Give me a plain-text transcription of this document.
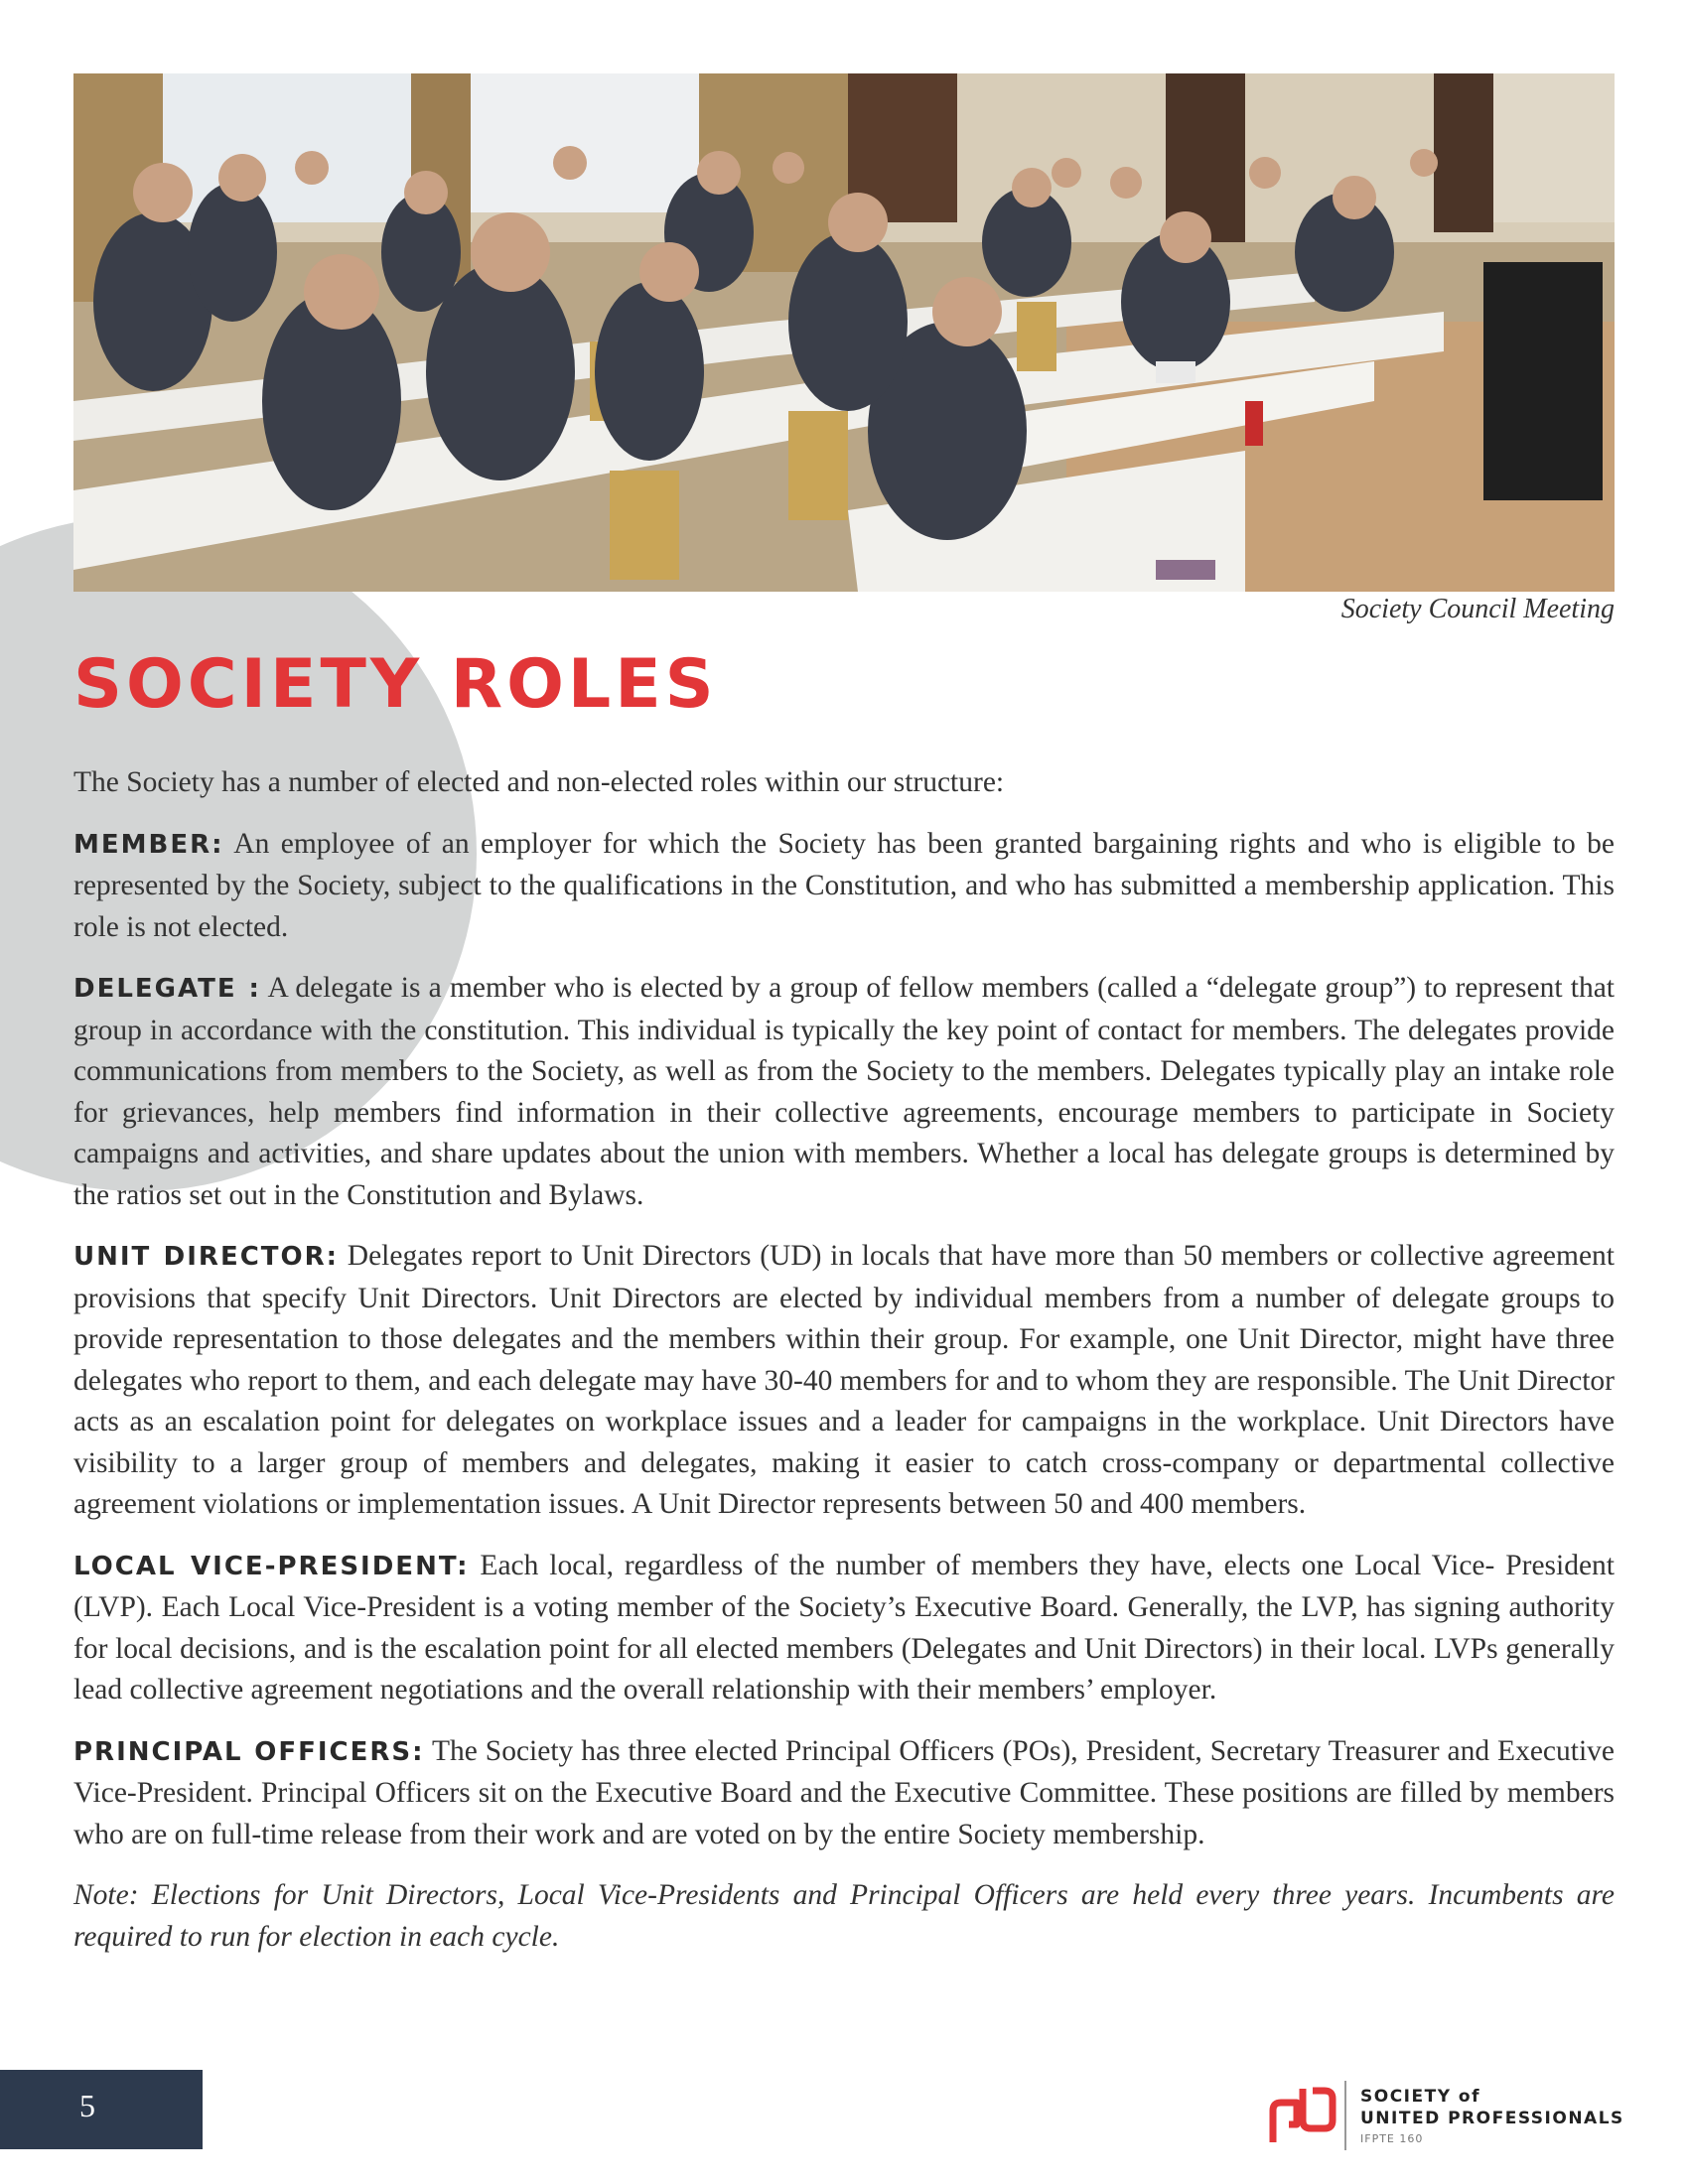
Society Council Meeting
SOCIETY ROLES

The Society has a number of elected and non-elected roles within our structure:

MEMBER: An employee of an employer for which the Society has been granted bargaining rights and who is eligible to be represented by the Society, subject to the qualifications in the Constitution, and who has submitted a membership application. This role is not elected.

DELEGATE : A delegate is a member who is elected by a group of fellow members (called a “delegate group”) to represent that group in accordance with the constitution. This individual is typically the key point of contact for members. The delegates provide communications from members to the Society, as well as from the Society to the members. Delegates typically play an intake role for grievances, help members find information in their collective agreements, encourage members to participate in Society campaigns and activities, and share updates about the union with members. Whether a local has delegate groups is determined by the ratios set out in the Constitution and Bylaws.

UNIT DIRECTOR: Delegates report to Unit Directors (UD) in locals that have more than 50 members or collective agreement provisions that specify Unit Directors. Unit Directors are elected by individual members from a number of delegate groups to provide representation to those delegates and the members within their group. For example, one Unit Director, might have three delegates who report to them, and each delegate may have 30-40 members for and to whom they are responsible. The Unit Director acts as an escalation point for delegates on workplace issues and a leader for campaigns in the workplace. Unit Directors have visibility to a larger group of members and delegates, making it easier to catch cross-company or departmental collective agreement violations or implementation issues. A Unit Director represents between 50 and 400 members.

LOCAL VICE-PRESIDENT: Each local, regardless of the number of members they have, elects one Local Vice- President (LVP). Each Local Vice-President is a voting member of the Society’s Executive Board. Generally, the LVP, has signing authority for local decisions, and is the escalation point for all elected members (Delegates and Unit Directors) in their local. LVPs generally lead collective agreement negotiations and the overall relationship with their members’ employer.

PRINCIPAL OFFICERS: The Society has three elected Principal Officers (POs), President, Secretary Treasurer and Executive Vice-President. Principal Officers sit on the Executive Board and the Executive Committee. These positions are filled by members who are on full-time release from their work and are voted on by the entire Society membership.

Note: Elections for Unit Directors, Local Vice-Presidents and Principal Officers are held every three years. Incumbents are required to run for election in each cycle.

5	SOCIETY of
UNITED PROFESSIONALS
IFPTE 160
